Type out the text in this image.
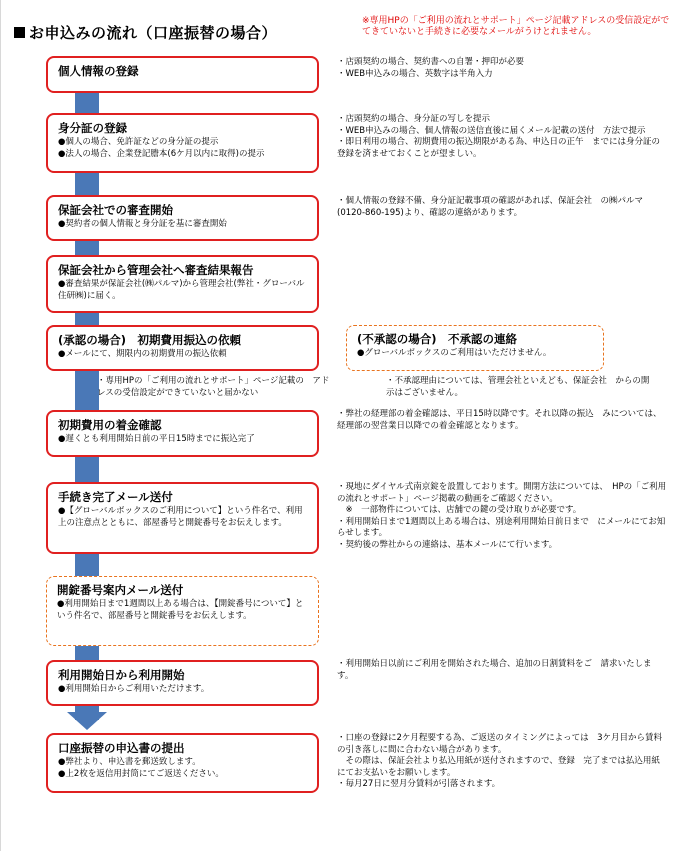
お申込みの流れ（口座振替の場合）
※専用HPの「ご利用の流れとサポート」ページ記載アドレスの受信設定がでてきていないと手続きに必要なメールがうけとれません。
個人情報の登録

・店頭契約の場合、契約書への自署・押印が必要

・WEB申込みの場合、英数字は半角入力

身分証の登録

● 個人の場合、免許証などの身分証の提示

● 法人の場合、企業登記謄本(6ケ月以内に取得)の提示

・店頭契約の場合、身分証の写しを提示

・WEB申込みの場合、個人情報の送信直後に届くメール記載の送付　方法で提示

・即日利用の場合、初期費用の振込期限がある為、申込日の正午　までには身分証の登録を済ませておくことが望ましい。

保証会社での審査開始

● 契約者の個人情報と身分証を基に審査開始

・個人情報の登録不備、身分証記載事項の確認があれば、保証会社　の㈱パルマ(0120-860-195)より、確認の連絡があります。

保証会社から管理会社へ審査結果報告

● 審査結果が保証会社(㈱パルマ)から管理会社(弊社・グローバル住研㈱)に届く。

(承認の場合)　初期費用振込の依頼

● メールにて、期限内の初期費用の振込依頼

・専用HPの「ご利用の流れとサポート」ページ記載の　アドレスの受信設定ができていないと届かない

(不承認の場合)　不承認の連絡

● グローバルボックスのご利用はいただけません。

・不承認理由については、管理会社といえども、保証会社　からの開示はございません。

初期費用の着金確認

● 遅くとも利用開始日前の平日15時までに振込完了

・弊社の経理部の着金確認は、平日15時以降です。それ以降の振込　みについては、経理部の翌営業日以降での着金確認となります。

手続き完了メール送付

● 【グローバルボックスのご利用について】という件名で、利用上の注意点とともに、部屋番号と開錠番号をお伝えします。

・現地にダイヤル式南京錠を設置しております。開閉方法については、　HPの「ご利用の流れとサポート」ページ掲載の動画をご確認ください。

　※　一部物件については、店舗での鍵の受け取りが必要です。

・利用開始日まで1週間以上ある場合は、別途利用開始日前日まで　にメールにてお知らせします。

・契約後の弊社からの連絡は、基本メールにて行います。

開錠番号案内メール送付

● 利用開始日まで1週間以上ある場合は、【開錠番号について】という件名で、部屋番号と開錠番号をお伝えします。

利用開始日から利用開始

● 利用開始日からご利用いただけます。

・利用開始日以前にご利用を開始された場合、追加の日割賃料をご　請求いたします。

口座振替の申込書の提出

● 弊社より、申込書を郵送致します。

● 上2枚を返信用封筒にてご返送ください。

・口座の登録に2ケ月程要する為、ご返送のタイミングによっては　3ケ月目から賃料の引き落しに間に合わない場合があります。

　その際は、保証会社より払込用紙が送付されますので、登録　完了までは払込用紙にてお支払いをお願いします。

・毎月27日に翌月分賃料が引落されます。
